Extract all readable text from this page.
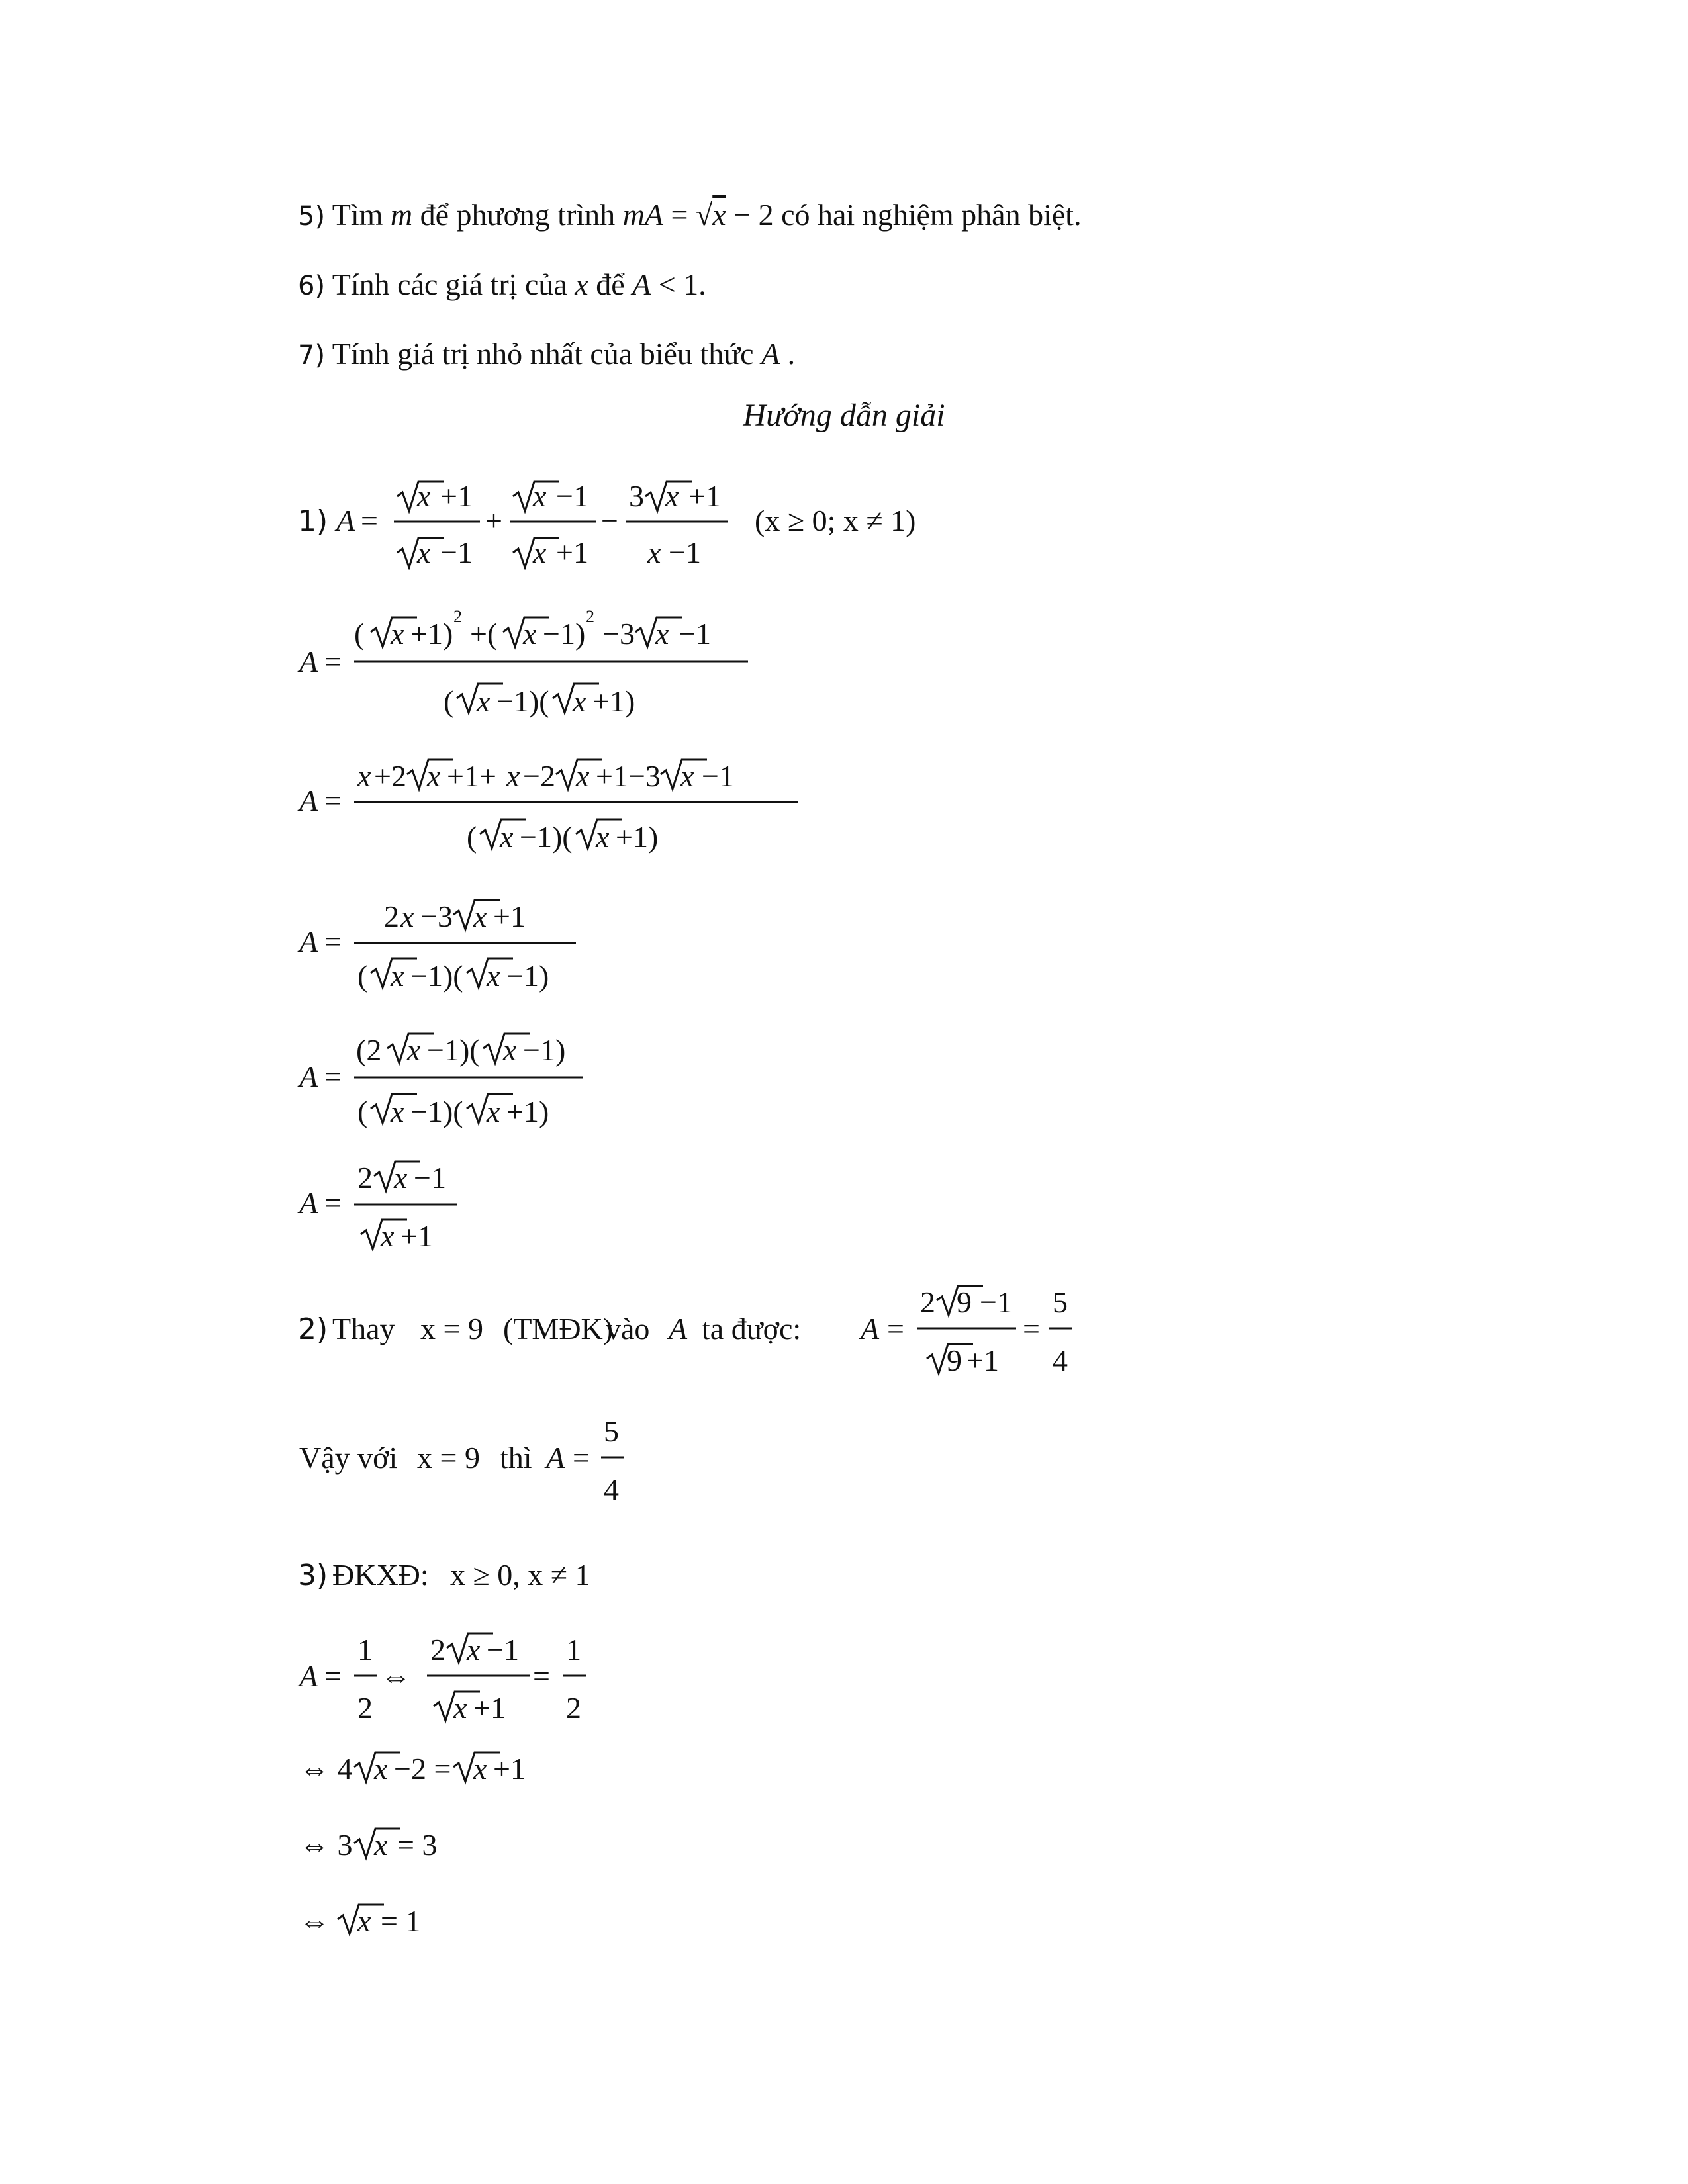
5) Tìm m để phương trình mA = √x − 2 có hai nghiệm phân biệt.
6) Tính các giá trị của x để A < 1.
7) Tính giá trị nhỏ nhất của biểu thức A .
Hướng dẫn giải
1) A =
x +1
x −1
+
x −1
x +1
−
3 x +1
x −1
(x ≥ 0; x ≠ 1)
A =
( x +1)
2
+( x −1)
2
−3 x −1
( x −1)( x +1)
A =
x +2 x +1+ x −2 x +1−3 x −1
( x −1)( x +1)
A =
2 x −3 x +1
( x −1)( x −1)
A =
(2 x −1)( x −1)
( x −1)( x +1)
A =
2 x −1
x +1
2) Thay x = 9 (TMĐK)
vào A ta được: A =
2 9 −1
9 +1
=
5
4
Vậy với x = 9 thì A =
5
4
3) ĐKXĐ: x ≥ 0, x ≠ 1
A =
1
2
⇔
2 x −1
x +1
=
1
2
⇔ 4 x −2 = x +1
⇔ 3 x = 3
⇔ x = 1
